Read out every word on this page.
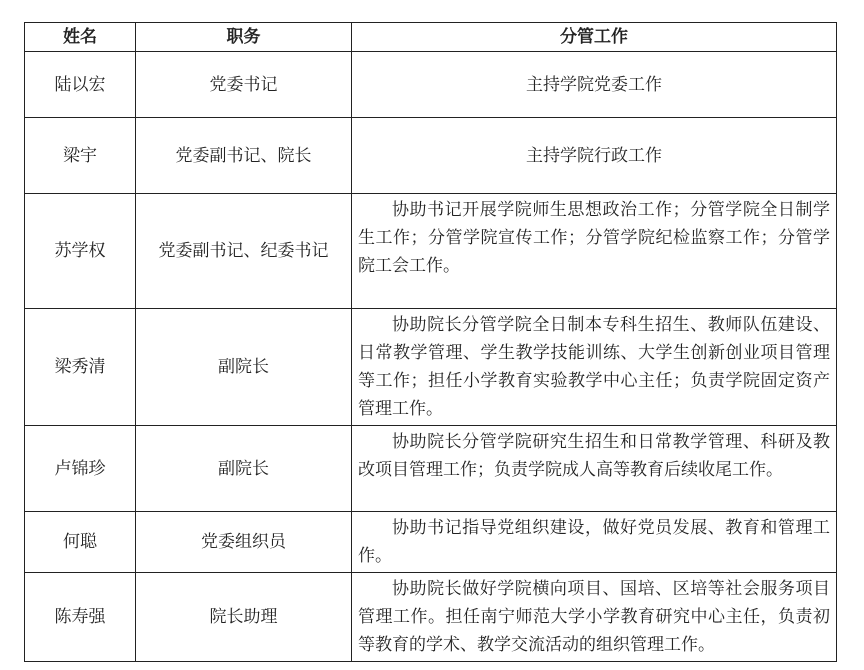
姓名	职务	分管工作
陆以宏	党委书记	主持学院党委工作
梁宇	党委副书记、院长	主持学院行政工作
苏学权	党委副书记、纪委书记	协助书记开展学院师生思想政治工作；分管学院全日制学生工作；分管学院宣传工作；分管学院纪检监察工作；分管学院工会工作。

梁秀清	副院长	协助院长分管学院全日制本专科生招生、教师队伍建设、日常教学管理、学生教学技能训练、大学生创新创业项目管理等工作；担任小学教育实验教学中心主任；负责学院固定资产管理工作。

卢锦珍	副院长	协助院长分管学院研究生招生和日常教学管理、科研及教改项目管理工作；负责学院成人高等教育后续收尾工作。

何聪	党委组织员	协助书记指导党组织建设，做好党员发展、教育和管理工作。

陈寿强	院长助理	协助院长做好学院横向项目、国培、区培等社会服务项目管理工作。担任南宁师范大学小学教育研究中心主任，负责初等教育的学术、教学交流活动的组织管理工作。
